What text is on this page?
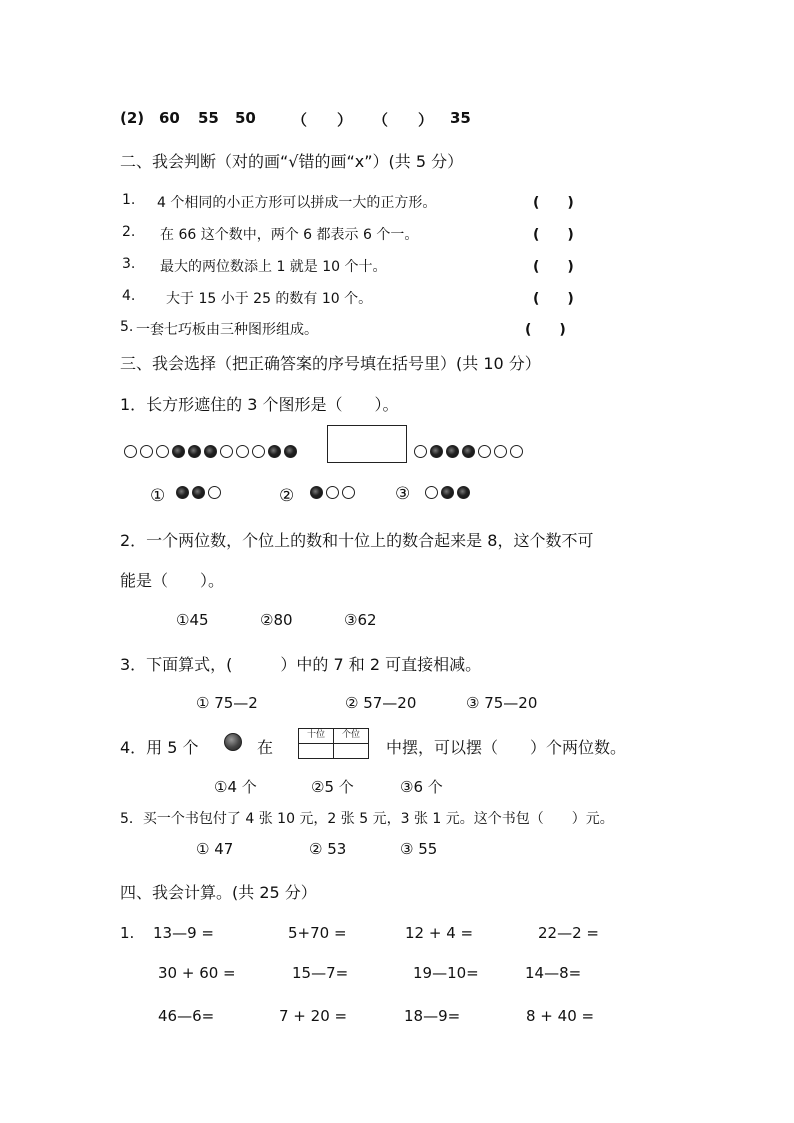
(2) 60 55 50 （　　） （　　） 35
二、我会判断（对的画“√错的画“x”）(共 5 分）
1. 4 个相同的小正方形可以拼成一大的正方形。	(　　)
2. 在 66 这个数中，两个 6 都表示 6 个一。	(　　)
3. 最大的两位数添上 1 就是 10 个十。	(　　)
4. 大于 15 小于 25 的数有 10 个。	(　　)
5. 一套七巧板由三种图形组成。	(　　)
三、我会选择（把正确答案的序号填在括号里）(共 10 分）
1．长方形遮住的 3 个图形是（　　）。
①	②	③
2．一个两位数，个位上的数和十位上的数合起来是 8，这个数不可
能是（　　）。
①45	②80	③62
3．下面算式，(　　　）中的 7 和 2 可直接相减。
① 75—2	② 57—20	③ 75—20
4．用 5 个	在
十位	个位

中摆，可以摆（　　）个两位数。
①4 个	②5 个	③6 个
5．买一个书包付了 4 张 10 元，2 张 5 元，3 张 1 元。这个书包（　　）元。
① 47	② 53	③ 55
四、我会计算。(共 25 分）
1. 13—9 =	5+70 =	12 + 4 =	22—2 =
30 + 60 =	15—7=	19—10=	14—8=
46—6=	7 + 20 =	18—9=	8 + 40 =
